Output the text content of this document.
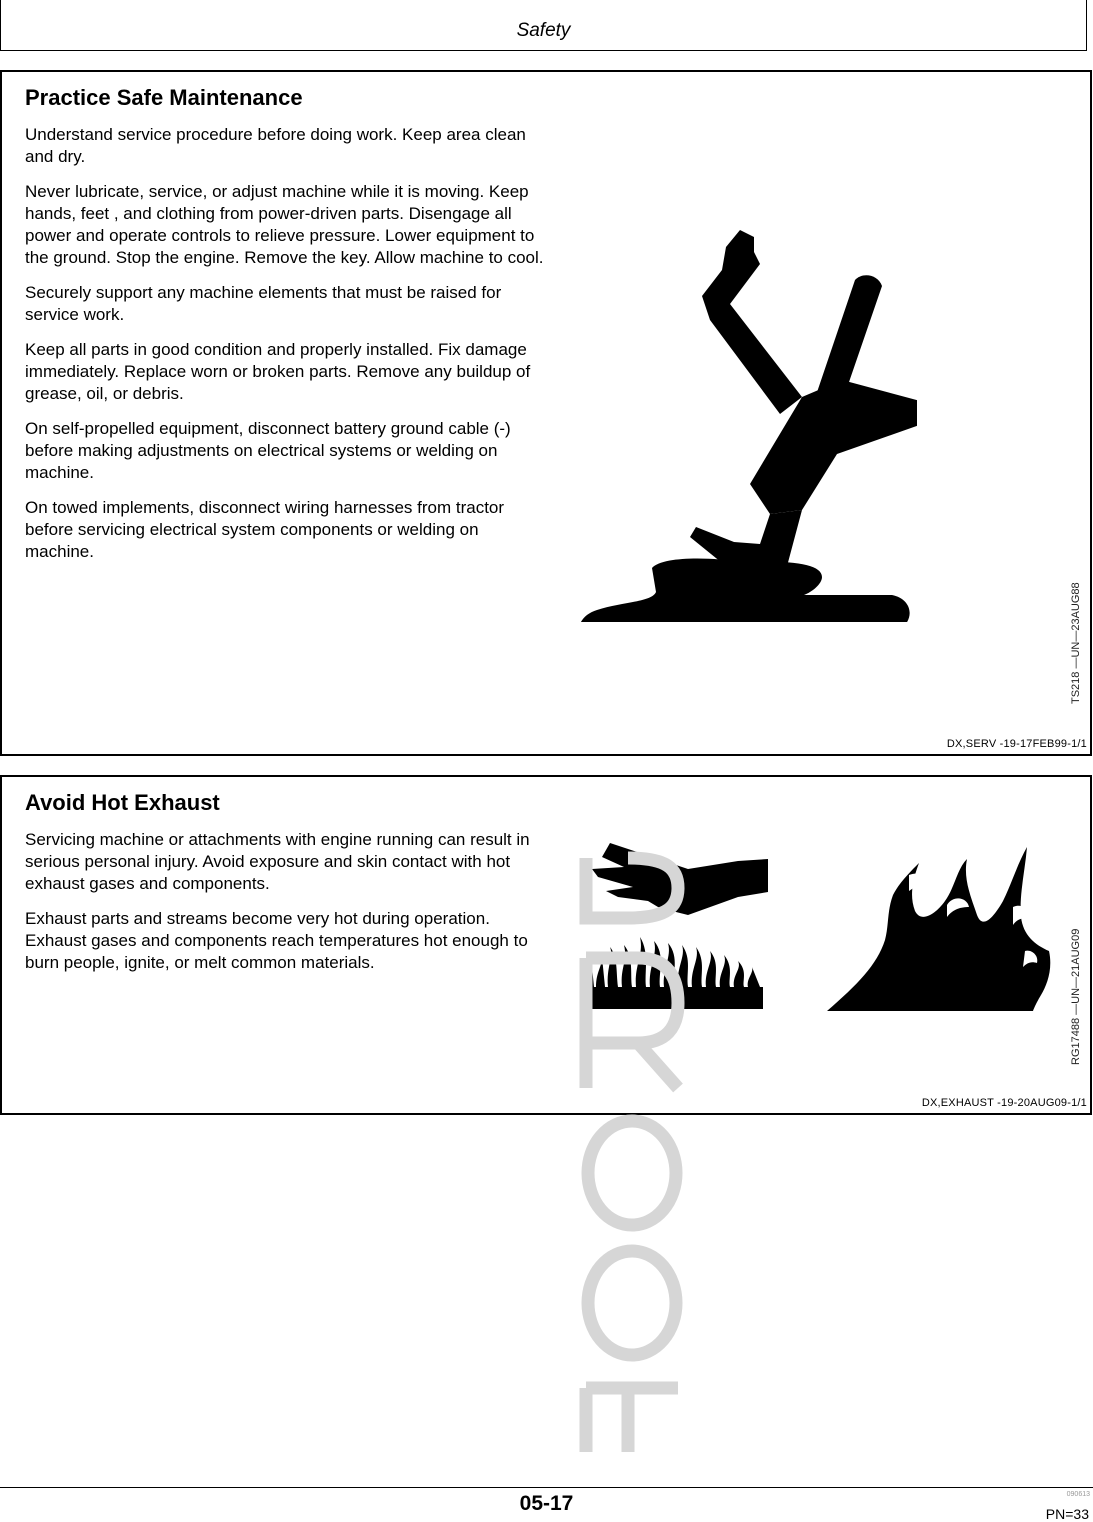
Safety
Practice Safe Maintenance

Understand service procedure before doing work. Keep area clean and dry.

Never lubricate, service, or adjust machine while it is moving. Keep hands, feet , and clothing from power-driven parts. Disengage all power and operate controls to relieve pressure. Lower equipment to the ground. Stop the engine. Remove the key. Allow machine to cool.

Securely support any machine elements that must be raised for service work.

Keep all parts in good condition and properly installed. Fix damage immediately. Replace worn or broken parts. Remove any buildup of grease, oil, or debris.

On self-propelled equipment, disconnect battery ground cable (-) before making adjustments on electrical systems or welding on machine.

On towed implements, disconnect wiring harnesses from tractor before servicing electrical system components or welding on machine.

TS218 —UN—23AUG88
DX,SERV -19-17FEB99-1/1
Avoid Hot Exhaust

Servicing machine or attachments with engine running can result in serious personal injury. Avoid exposure and skin contact with hot exhaust gases and components.

Exhaust parts and streams become very hot during operation. Exhaust gases and components reach temperatures hot enough to burn people, ignite, or melt common materials.	RG17488 —UN—21AUG09
DX,EXHAUST -19-20AUG09-1/1
05-17	090613
PN=33
